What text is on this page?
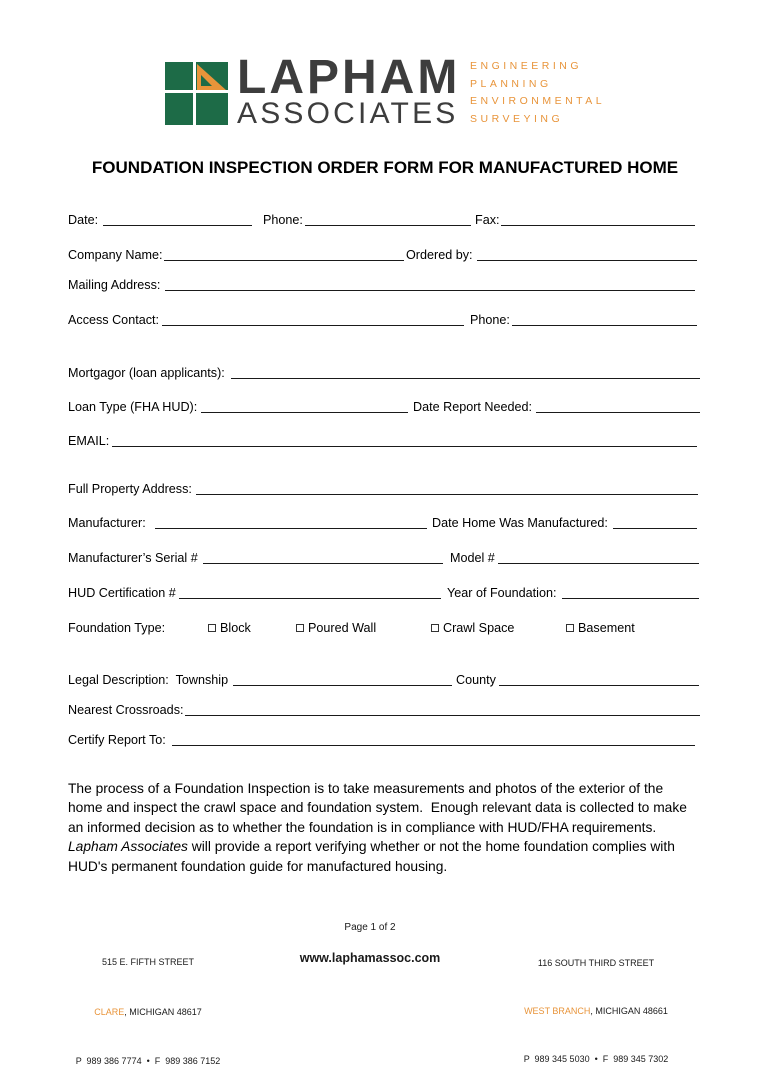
LAPHAM
ASSOCIATES
ENGINEERING
PLANNING
ENVIRONMENTAL
SURVEYING
FOUNDATION INSPECTION ORDER FORM FOR MANUFACTURED HOME
Date:	Phone:	Fax:
Company Name:	Ordered by:
Mailing Address:
Access Contact:	Phone:
Mortgagor (loan applicants):
Loan Type (FHA HUD):	Date Report Needed:
EMAIL:
Full Property Address:
Manufacturer:	Date Home Was Manufactured:
Manufacturer’s Serial #	Model #
HUD Certification #	Year of Foundation:
Foundation Type:	Block	Poured Wall	Crawl Space	Basement
Legal Description:  Township	County
Nearest Crossroads:
Certify Report To:
The process of a Foundation Inspection is to take measurements and photos of the exterior of the
home and inspect the crawl space and foundation system.  Enough relevant data is collected to make
an informed decision as to whether the foundation is in compliance with HUD/FHA requirements.
Lapham Associates will provide a report verifying whether or not the home foundation complies with
HUD's permanent foundation guide for manufactured housing.

515 E. FIFTH STREET

CLARE, MICHIGAN 48617

P  989 386 7774  •  F  989 386 7152

Page 1 of 2
www.laphamassoc.com

	116 SOUTH THIRD STREET

WEST BRANCH, MICHIGAN 48661

P  989 345 5030  •  F  989 345 7302
